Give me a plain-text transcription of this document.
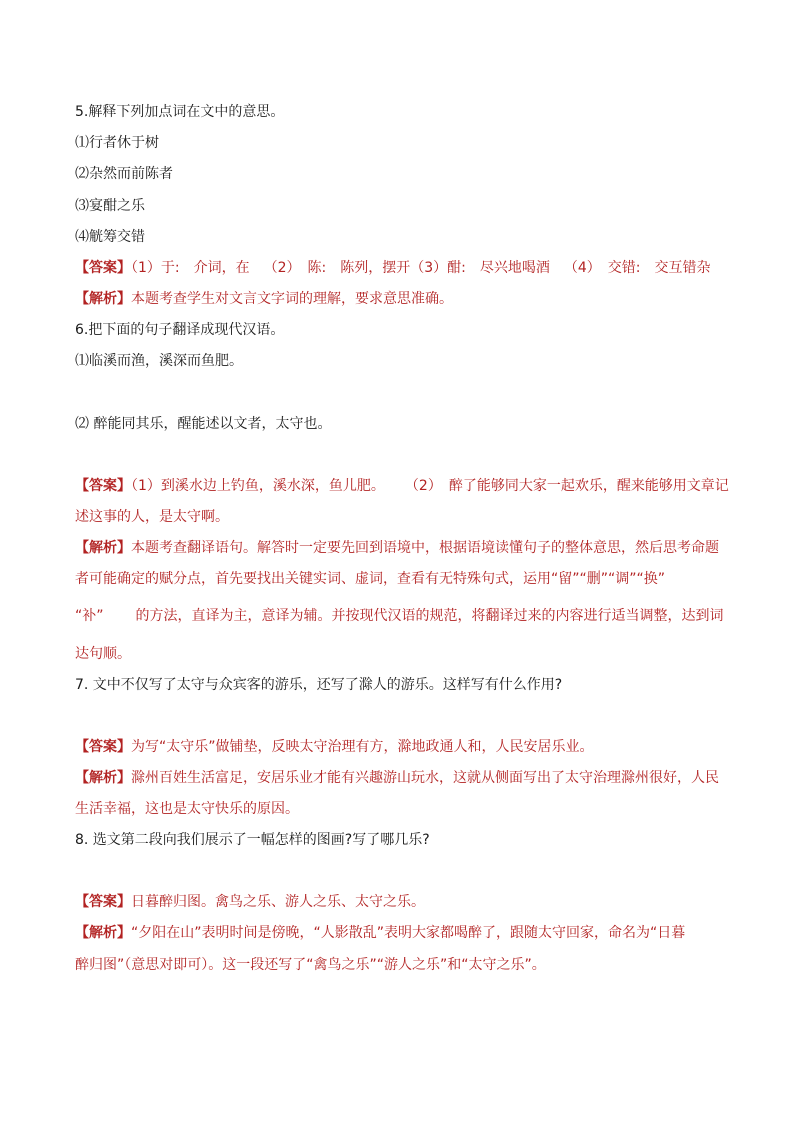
5.解释下列加点词在文中的意思。
⑴行者休于树
⑵杂然而前陈者
⑶宴酣之乐
⑷觥筹交错
【答案】（1）于:　介词，在 （2）　陈:　陈列，摆开（3）酣:　尽兴地喝酒 （4）　交错:　交互错杂
【解析】本题考查学生对文言文字词的理解，要求意思准确。
6.把下面的句子翻译成现代汉语。
⑴临溪而渔，溪深而鱼肥。
⑵ 醉能同其乐，醒能述以文者，太守也。
【答案】（1）到溪水边上钓鱼，溪水深，鱼儿肥。 （2）　醉了能够同大家一起欢乐，醒来能够用文章记
述这事的人，是太守啊。
【解析】本题考查翻译语句。解答时一定要先回到语境中，根据语境读懂句子的整体意思，然后思考命题
者可能确定的赋分点，首先要找出关键实词、虚词，查看有无特殊句式，运用“留”“删”“调”“换”
“补” 的方法，直译为主，意译为辅。并按现代汉语的规范，将翻译过来的内容进行适当调整，达到词
达句顺。
7. 文中不仅写了太守与众宾客的游乐，还写了滁人的游乐。这样写有什么作用?
【答案】为写“太守乐”做铺垫，反映太守治理有方，滁地政通人和，人民安居乐业。
【解析】滁州百姓生活富足，安居乐业才能有兴趣游山玩水，这就从侧面写出了太守治理滁州很好，人民
生活幸福，这也是太守快乐的原因。
8. 选文第二段向我们展示了一幅怎样的图画?写了哪几乐?
【答案】日暮醉归图。禽鸟之乐、游人之乐、太守之乐。
【解析】“夕阳在山”表明时间是傍晚，“人影散乱”表明大家都喝醉了，跟随太守回家，命名为“日暮
醉归图”（意思对即可）。这一段还写了“禽鸟之乐”“游人之乐”和“太守之乐”。
